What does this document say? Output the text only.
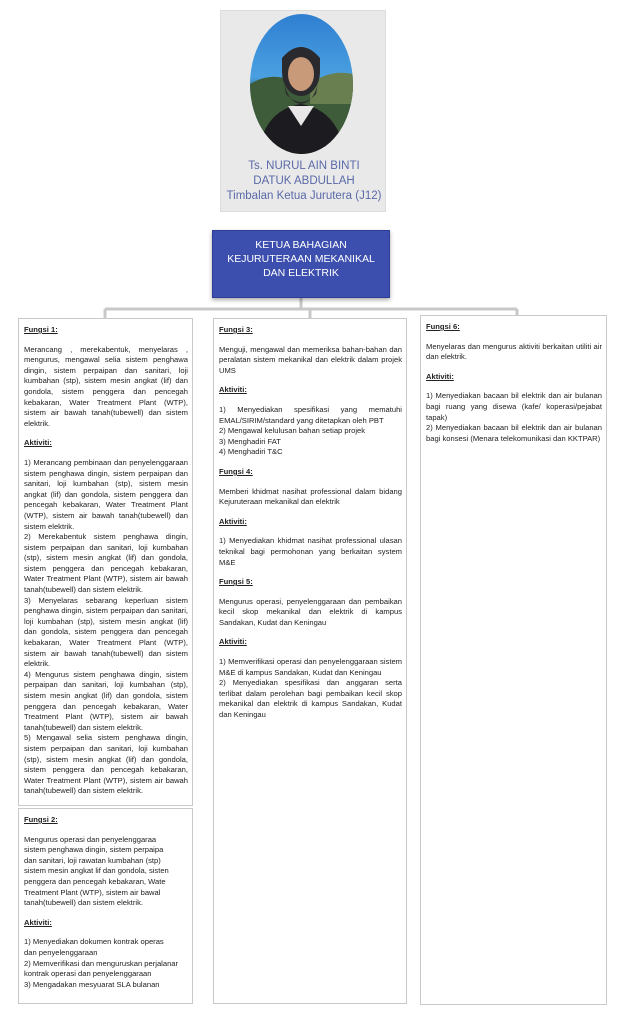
Ts. NURUL AIN BINTI
DATUK ABDULLAH
Timbalan Ketua Jurutera (J12)
KETUA BAHAGIAN
KEJURUTERAAN MEKANIKAL
DAN ELEKTRIK
Fungsi 1:
Merancang , merekabentuk, menyelaras , mengurus, mengawal selia sistem penghawa dingin, sistem perpaipan dan sanitari, loji kumbahan (stp), sistem mesin angkat (lif) dan gondola, sistem penggera dan pencegah kebakaran, Water Treatment Plant (WTP), sistem air bawah tanah(tubewell) dan sistem elektrik.
Aktiviti:
1) Merancang pembinaan dan penyelenggaraan sistem penghawa dingin, sistem perpaipan dan sanitari, loji kumbahan (stp), sistem mesin angkat (lif) dan gondola, sistem penggera dan pencegah kebakaran, Water Treatment Plant (WTP), sistem air bawah tanah(tubewell) dan sistem elektrik.
2) Merekabentuk sistem penghawa dingin, sistem perpaipan dan sanitari, loji kumbahan (stp), sistem mesin angkat (lif) dan gondola, sistem penggera dan pencegah kebakaran, Water Treatment Plant (WTP), sistem air bawah tanah(tubewell) dan sistem elektrik.
3) Menyelaras sebarang keperluan sistem penghawa dingin, sistem perpaipan dan sanitari, loji kumbahan (stp), sistem mesin angkat (lif) dan gondola, sistem penggera dan pencegah kebakaran, Water Treatment Plant (WTP), sistem air bawah tanah(tubewell) dan sistem elektrik.
4) Mengurus sistem penghawa dingin, sistem perpaipan dan sanitari, loji kumbahan (stp), sistem mesin angkat (lif) dan gondola, sistem penggera dan pencegah kebakaran, Water Treatment Plant (WTP), sistem air bawah tanah(tubewell) dan sistem elektrik.
5) Mengawal selia sistem penghawa dingin, sistem perpaipan dan sanitari, loji kumbahan (stp), sistem mesin angkat (lif) dan gondola, sistem penggera dan pencegah kebakaran, Water Treatment Plant (WTP), sistem air bawah tanah(tubewell) dan sistem elektrik.
Fungsi 2:
Mengurus operasi dan penyelenggaraa
sistem penghawa dingin, sistem perpaipa
dan sanitari, loji rawatan kumbahan (stp)
sistem mesin angkat lif dan gondola, sisten
penggera dan pencegah kebakaran, Wate
Treatment Plant (WTP), sistem air bawal
tanah(tubewell) dan sistem elektrik.
Aktiviti:
1) Menyediakan dokumen kontrak operas
dan penyelenggaraan
2) Memverifikasi dan menguruskan perjalanar
kontrak operasi dan penyelenggaraan
3) Mengadakan mesyuarat SLA bulanan
Fungsi 3:
Menguji, mengawal dan memeriksa bahan-bahan dan peralatan sistem mekanikal dan elektrik dalam projek UMS
Aktiviti:
1) Menyediakan spesifikasi yang mematuhi EMAL/SIRIM/standard yang ditetapkan oleh PBT
2) Mengawal kelulusan bahan setiap projek
3) Menghadiri FAT
4) Menghadiri T&C
Fungsi 4:
Memberi khidmat nasihat professional dalam bidang Kejuruteraan mekanikal dan elektrik
Aktiviti:
1) Menyediakan khidmat nasihat professional ulasan teknikal bagi permohonan yang berkaitan system M&E
Fungsi 5:
Mengurus operasi, penyelenggaraan dan pembaikan kecil skop mekanikal dan elektrik di kampus Sandakan, Kudat dan Keningau
Aktiviti:
1) Memverifikasi operasi dan penyelenggaraan sistem M&E di kampus Sandakan, Kudat dan Keningau
2) Menyediakan spesifikasi dan anggaran serta terlibat dalam perolehan bagi pembaikan kecil skop mekanikal dan elektrik di kampus Sandakan, Kudat dan Keningau
Fungsi 6:
Menyelaras dan mengurus aktiviti berkaitan utiliti air dan elektrik.
Aktiviti:
1) Menyediakan bacaan bil elektrik dan air bulanan bagi ruang yang disewa (kafe/ koperasi/pejabat tapak)
2) Menyediakan bacaan bil elektrik dan air bulanan bagi konsesi (Menara telekomunikasi dan KKTPAR)
